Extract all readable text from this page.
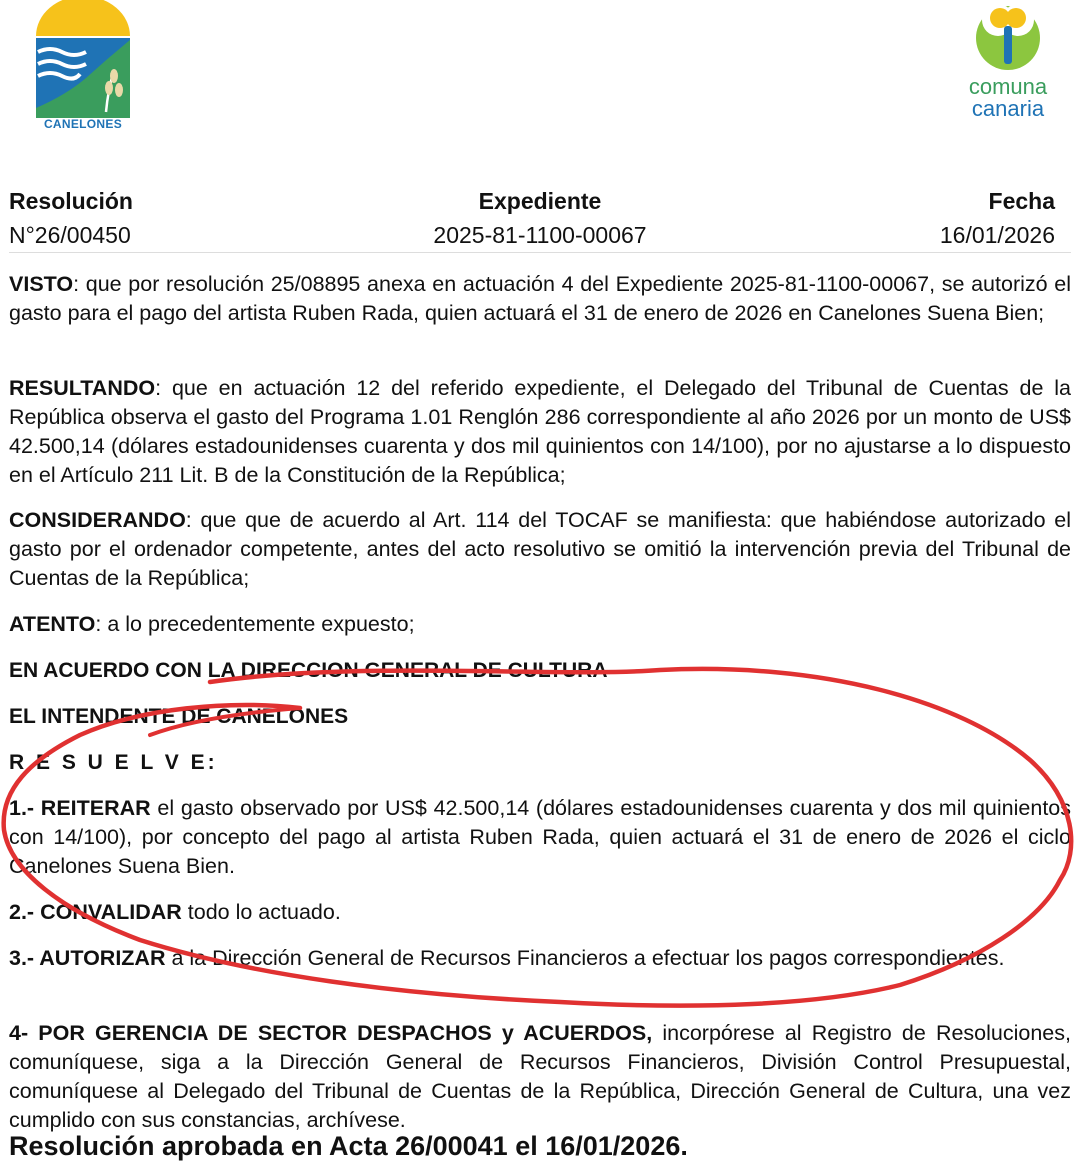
CANELONES
comuna
canaria
Resolución
N°26/00450
Expediente
2025-81-1100-00067
Fecha
16/01/2026
VISTO: que por resolución 25/08895 anexa en actuación 4 del Expediente 2025-81-1100-00067, se autorizó el gasto para el pago del artista Ruben Rada, quien actuará el 31 de enero de 2026 en Canelones Suena Bien;
RESULTANDO: que en actuación 12 del referido expediente, el Delegado del Tribunal de Cuentas de la República observa el gasto del Programa 1.01 Renglón 286 correspondiente al año 2026 por un monto de US$ 42.500,14 (dólares estadounidenses cuarenta y dos mil quinientos con 14/100), por no ajustarse a lo dispuesto en el Artículo 211 Lit. B de la Constitución de la República;
CONSIDERANDO: que que de acuerdo al Art. 114 del TOCAF se manifiesta: que habiéndose autorizado el gasto por el ordenador competente, antes del acto resolutivo se omitió la intervención previa del Tribunal de Cuentas de la República;
ATENTO: a lo precedentemente expuesto;
EN ACUERDO CON LA DIRECCION GENERAL DE CULTURA
EL INTENDENTE DE CANELONES
R E S U E L V E:
1.- REITERAR el gasto observado por US$ 42.500,14 (dólares estadounidenses cuarenta y dos mil quinientos con 14/100), por concepto del pago al artista Ruben Rada, quien actuará el 31 de enero de 2026 el ciclo Canelones Suena Bien.
2.- CONVALIDAR todo lo actuado.
3.- AUTORIZAR a la Dirección General de Recursos Financieros a efectuar los pagos correspondientes.
4- POR GERENCIA DE SECTOR DESPACHOS y ACUERDOS, incorpórese al Registro de Resoluciones, comuníquese, siga a la Dirección General de Recursos Financieros, División Control Presupuestal, comuníquese al Delegado del Tribunal de Cuentas de la República, Dirección General de Cultura, una vez cumplido con sus constancias, archívese.
Resolución aprobada en Acta 26/00041 el 16/01/2026.
